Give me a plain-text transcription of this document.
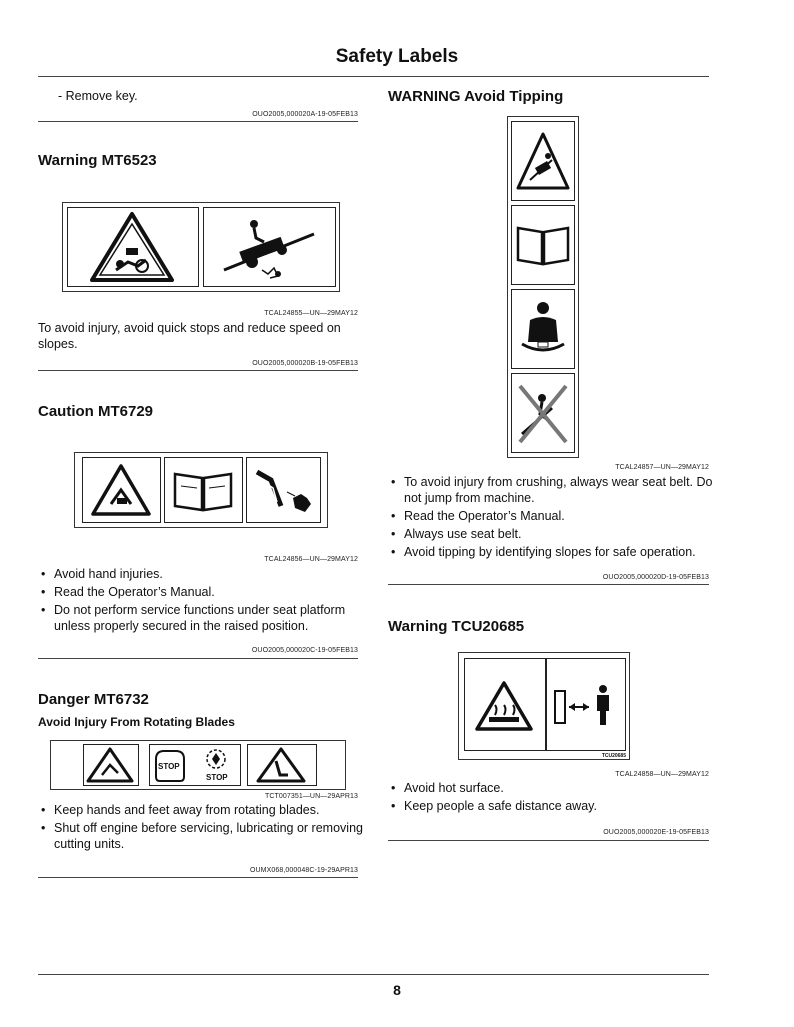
Safety Labels
- Remove key.
OUO2005,000020A-19-05FEB13
Warning MT6523
TCAL24855—UN—29MAY12
To avoid injury, avoid quick stops and reduce speed on slopes.
OUO2005,000020B-19-05FEB13
Caution MT6729
TCAL24856—UN—29MAY12
• Avoid hand injuries.
• Read the Operator’s Manual.
• Do not perform service functions under seat platform unless properly secured in the raised position.
OUO2005,000020C-19-05FEB13
Danger MT6732
Avoid Injury From Rotating Blades
STOP
STOP
TCT007351—UN—29APR13
• Keep hands and feet away from rotating blades.
• Shut off engine before servicing, lubricating or removing cutting units.
OUMX068,000048C-19-29APR13
WARNING Avoid Tipping
TCAL24857—UN—29MAY12
• To avoid injury from crushing, always wear seat belt. Do not jump from machine.
• Read the Operator’s Manual.
• Always use seat belt.
• Avoid tipping by identifying slopes for safe operation.
OUO2005,000020D-19-05FEB13
Warning TCU20685
TCU20685
TCAL24858—UN—29MAY12
• Avoid hot surface.
• Keep people a safe distance away.
OUO2005,000020E-19-05FEB13
8
